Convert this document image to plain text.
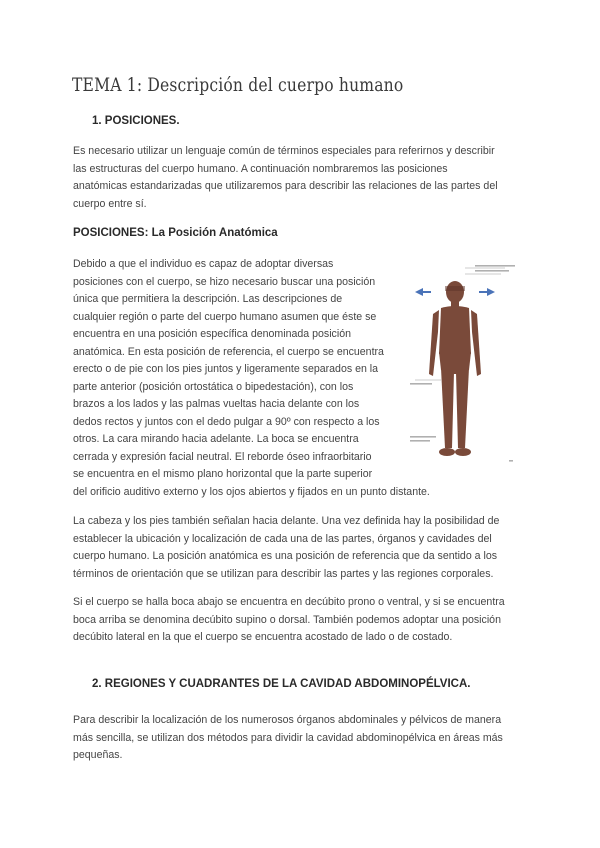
TEMA 1: Descripción del cuerpo humano
1. POSICIONES.
Es necesario utilizar un lenguaje común de términos especiales para referirnos y describir
las estructuras del cuerpo humano. A continuación nombraremos las posiciones
anatómicas estandarizadas que utilizaremos para describir las relaciones de las partes del
cuerpo entre sí.
POSICIONES: La Posición Anatómica
Debido a que el individuo es capaz de adoptar diversas
posiciones con el cuerpo, se hizo necesario buscar una posición
única que permitiera la descripción. Las descripciones de
cualquier región o parte del cuerpo humano asumen que éste se
encuentra en una posición específica denominada posición
anatómica. En esta posición de referencia, el cuerpo se encuentra
erecto o de pie con los pies juntos y ligeramente separados en la
parte anterior (posición ortostática o bipedestación), con los
brazos a los lados y las palmas vueltas hacia delante con los
dedos rectos y juntos con el dedo pulgar a 90º con respecto a los
otros. La cara mirando hacia adelante. La boca se encuentra
cerrada y expresión facial neutral. El reborde óseo infraorbitario
se encuentra en el mismo plano horizontal que la parte superior
del orificio auditivo externo y los ojos abiertos y fijados en un punto distante.
La cabeza y los pies también señalan hacia delante. Una vez definida hay la posibilidad de
establecer la ubicación y localización de cada una de las partes, órganos y cavidades del
cuerpo humano. La posición anatómica es una posición de referencia que da sentido a los
términos de orientación que se utilizan para describir las partes y las regiones corporales.
Si el cuerpo se halla boca abajo se encuentra en decúbito prono o ventral, y si se encuentra
boca arriba se denomina decúbito supino o dorsal. También podemos adoptar una posición
decúbito lateral en la que el cuerpo se encuentra acostado de lado o de costado.
2. REGIONES Y CUADRANTES DE LA CAVIDAD ABDOMINOPÉLVICA.
Para describir la localización de los numerosos órganos abdominales y pélvicos de manera
más sencilla, se utilizan dos métodos para dividir la cavidad abdominopélvica en áreas más
pequeñas.
